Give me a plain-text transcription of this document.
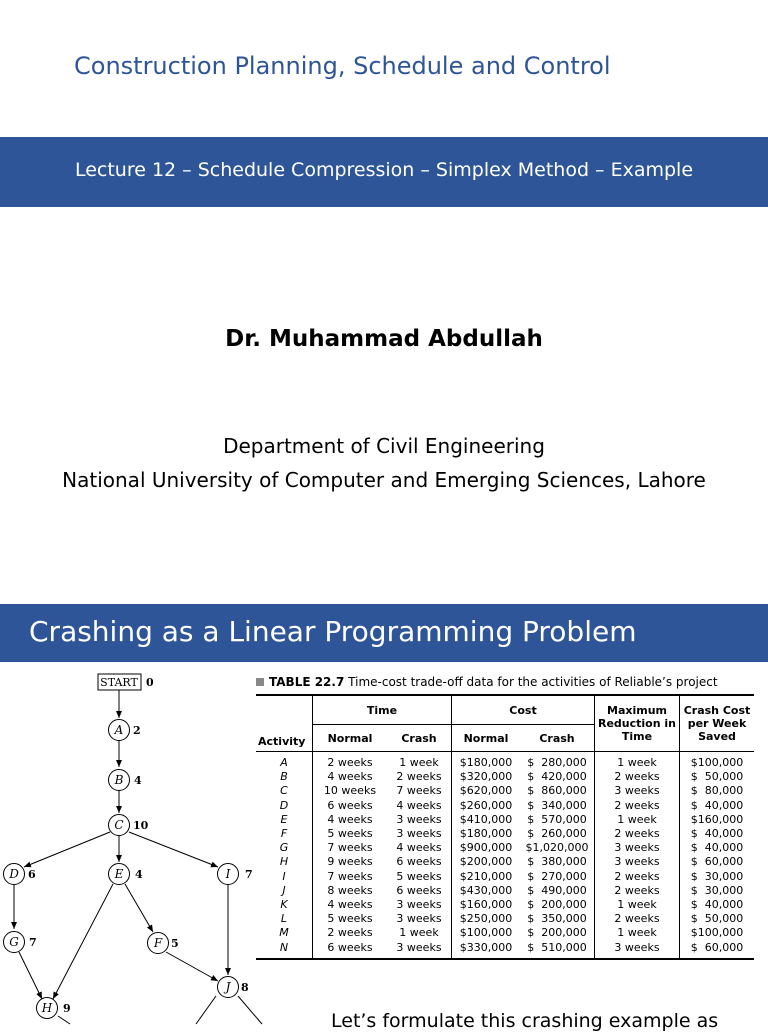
Construction Planning, Schedule and Control
Lecture 12 – Schedule Compression – Simplex Method – Example
Dr. Muhammad Abdullah
Department of Civil Engineering
National University of Computer and Emerging Sciences, Lahore
Crashing as a Linear Programming Problem
START 0
A 2
B 4
C 10
D 6	E 4	I 7
G 7	F 5
J 8
H 9
TABLE 22.7 Time-cost trade-off data for the activities of Reliable’s project
Activity	Time		Cost		Maximum Reduction in Time	Crash Cost per Week Saved
	Normal	Crash	Normal	Crash		
A	2 weeks	1 week	$180,000	$  280,000	1 week	$100,000
B	4 weeks	2 weeks	$320,000	$  420,000	2 weeks	$  50,000
C	10 weeks	7 weeks	$620,000	$  860,000	3 weeks	$  80,000
D	6 weeks	4 weeks	$260,000	$  340,000	2 weeks	$  40,000
E	4 weeks	3 weeks	$410,000	$  570,000	1 week	$160,000
F	5 weeks	3 weeks	$180,000	$  260,000	2 weeks	$  40,000
G	7 weeks	4 weeks	$900,000	$1,020,000	3 weeks	$  40,000
H	9 weeks	6 weeks	$200,000	$  380,000	3 weeks	$  60,000
I	7 weeks	5 weeks	$210,000	$  270,000	2 weeks	$  30,000
J	8 weeks	6 weeks	$430,000	$  490,000	2 weeks	$  30,000
K	4 weeks	3 weeks	$160,000	$  200,000	1 week	$  40,000
L	5 weeks	3 weeks	$250,000	$  350,000	2 weeks	$  50,000
M	2 weeks	1 week	$100,000	$  200,000	1 week	$100,000
N	6 weeks	3 weeks	$330,000	$  510,000	3 weeks	$  60,000
Let’s formulate this crashing example as
